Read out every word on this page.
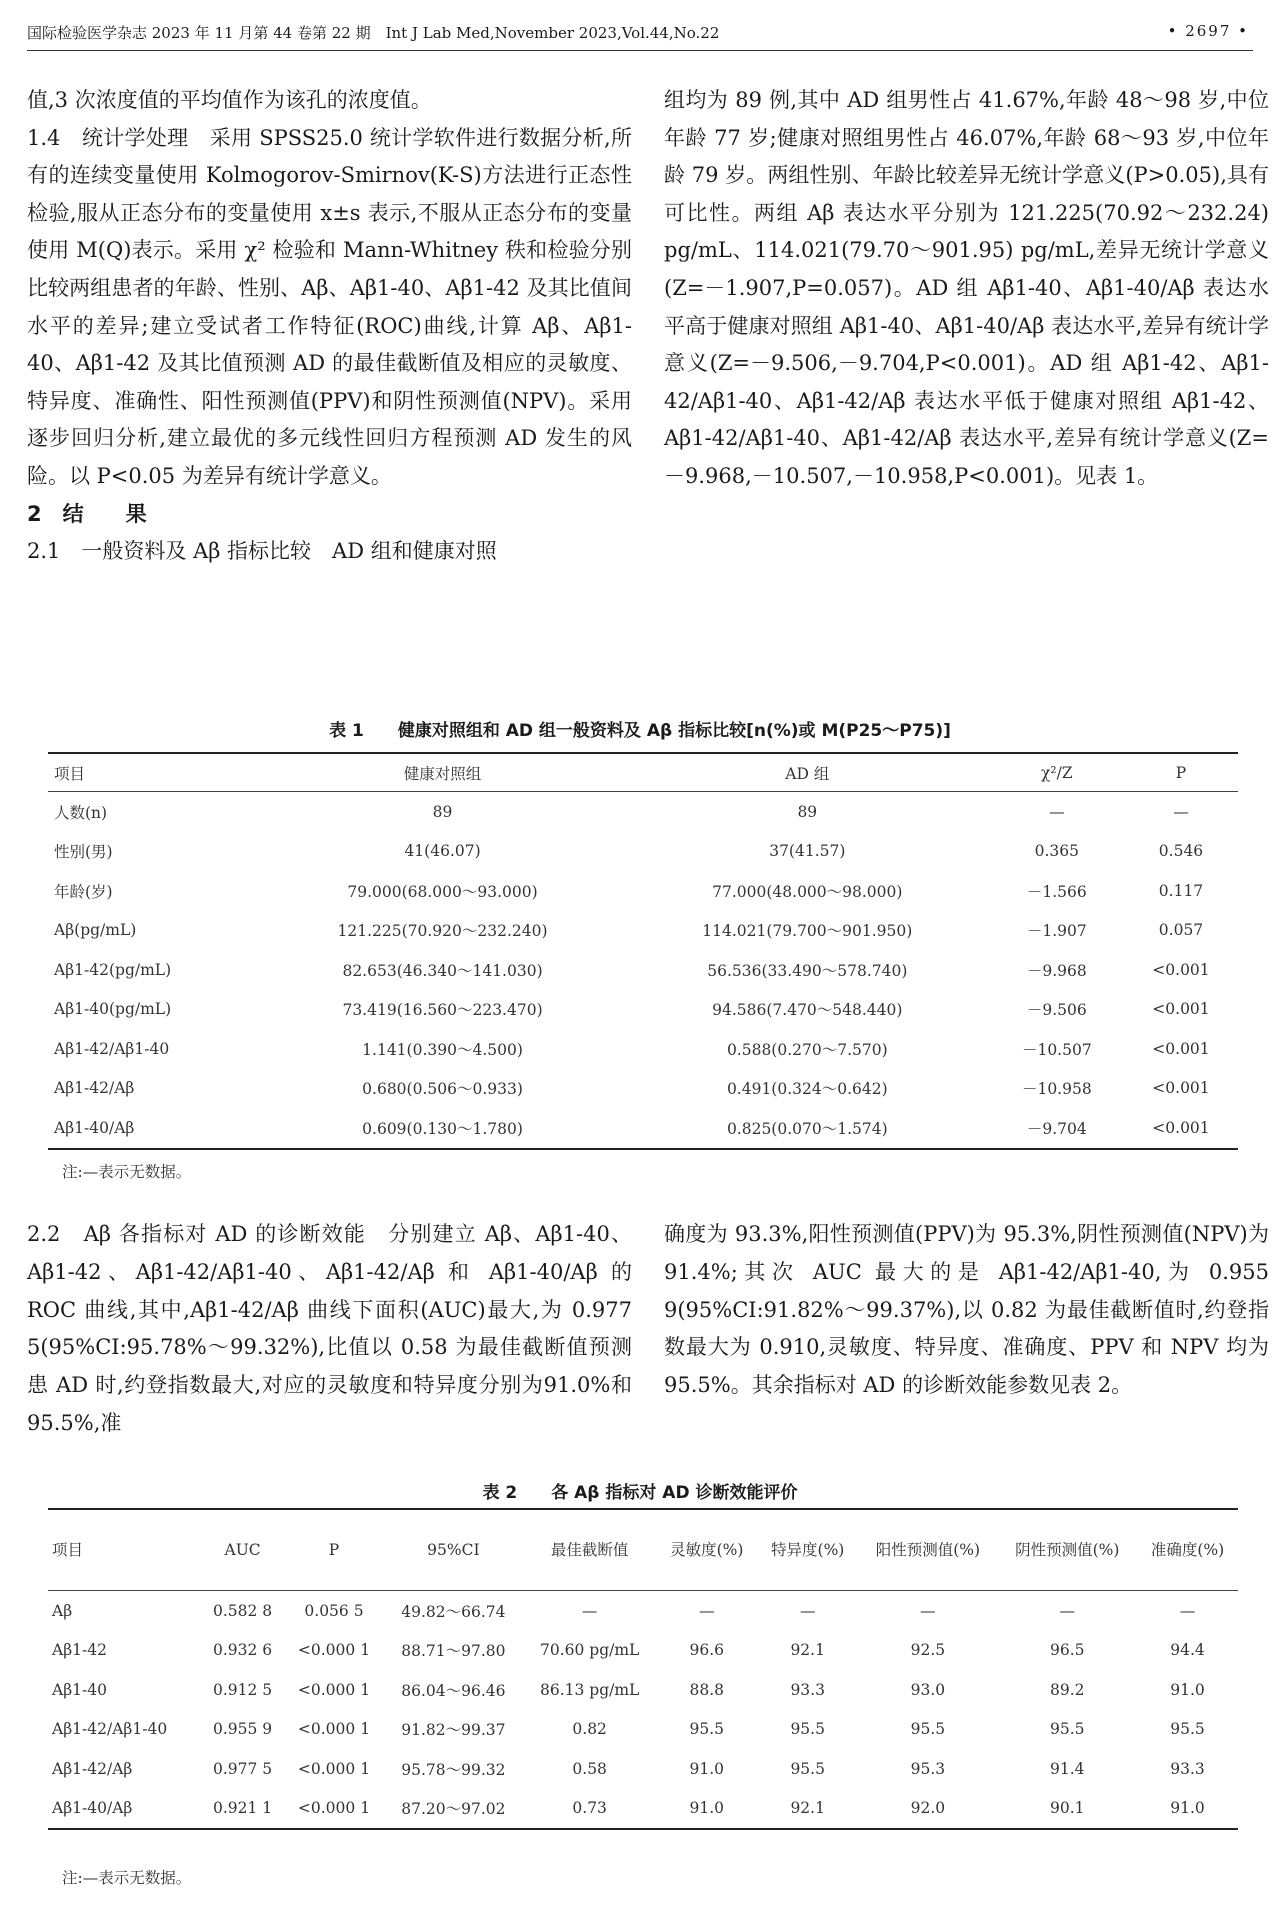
国际检验医学杂志 2023 年 11 月第 44 卷第 22 期　Int J Lab Med,November 2023,Vol.44,No.22	• 2697 •

值,3 次浓度值的平均值作为该孔的浓度值。

1.4　统计学处理　采用 SPSS25.0 统计学软件进行数据分析,所有的连续变量使用 Kolmogorov-Smirnov(K-S)方法进行正态性检验,服从正态分布的变量使用 x±s 表示,不服从正态分布的变量使用 M(Q)表示。采用 χ² 检验和 Mann-Whitney 秩和检验分别比较两组患者的年龄、性别、Aβ、Aβ1-40、Aβ1-42 及其比值间水平的差异;建立受试者工作特征(ROC)曲线,计算 Aβ、Aβ1-40、Aβ1-42 及其比值预测 AD 的最佳截断值及相应的灵敏度、特异度、准确性、阳性预测值(PPV)和阴性预测值(NPV)。采用逐步回归分析,建立最优的多元线性回归方程预测 AD 发生的风险。以 P<0.05 为差异有统计学意义。

2　结　　果

2.1　一般资料及 Aβ 指标比较　AD 组和健康对照

组均为 89 例,其中 AD 组男性占 41.67%,年龄 48～98 岁,中位年龄 77 岁;健康对照组男性占 46.07%,年龄 68～93 岁,中位年龄 79 岁。两组性别、年龄比较差异无统计学意义(P>0.05),具有可比性。两组 Aβ 表达水平分别为 121.225(70.92～232.24) pg/mL、114.021(79.70～901.95) pg/mL,差异无统计学意义(Z=－1.907,P=0.057)。AD 组 Aβ1-40、Aβ1-40/Aβ 表达水平高于健康对照组 Aβ1-40、Aβ1-40/Aβ 表达水平,差异有统计学意义(Z=－9.506,－9.704,P<0.001)。AD 组 Aβ1-42、Aβ1-42/Aβ1-40、Aβ1-42/Aβ 表达水平低于健康对照组 Aβ1-42、Aβ1-42/Aβ1-40、Aβ1-42/Aβ 表达水平,差异有统计学意义(Z=－9.968,－10.507,－10.958,P<0.001)。见表 1。

表 1　　健康对照组和 AD 组一般资料及 Aβ 指标比较[n(%)或 M(P25～P75)]
项目	健康对照组	AD 组	χ²/Z	P
人数(n)	89	89	—	—
性别(男)	41(46.07)	37(41.57)	0.365	0.546
年龄(岁)	79.000(68.000～93.000)	77.000(48.000～98.000)	－1.566	0.117
Aβ(pg/mL)	121.225(70.920～232.240)	114.021(79.700～901.950)	－1.907	0.057
Aβ1-42(pg/mL)	82.653(46.340～141.030)	56.536(33.490～578.740)	－9.968	<0.001
Aβ1-40(pg/mL)	73.419(16.560～223.470)	94.586(7.470～548.440)	－9.506	<0.001
Aβ1-42/Aβ1-40	1.141(0.390～4.500)	0.588(0.270～7.570)	－10.507	<0.001
Aβ1-42/Aβ	0.680(0.506～0.933)	0.491(0.324～0.642)	－10.958	<0.001
Aβ1-40/Aβ	0.609(0.130～1.780)	0.825(0.070～1.574)	－9.704	<0.001
注:—表示无数据。
2.2　Aβ 各指标对 AD 的诊断效能　分别建立 Aβ、Aβ1-40、Aβ1-42、Aβ1-42/Aβ1-40、Aβ1-42/Aβ 和 Aβ1-40/Aβ 的 ROC 曲线,其中,Aβ1-42/Aβ 曲线下面积(AUC)最大,为 0.977 5(95%CI:95.78%～99.32%),比值以 0.58 为最佳截断值预测患 AD 时,约登指数最大,对应的灵敏度和特异度分别为91.0%和 95.5%,准
确度为 93.3%,阳性预测值(PPV)为 95.3%,阴性预测值(NPV)为 91.4%;其次 AUC 最大的是 Aβ1-42/Aβ1-40,为 0.955 9(95%CI:91.82%～99.37%),以 0.82 为最佳截断值时,约登指数最大为 0.910,灵敏度、特异度、准确度、PPV 和 NPV 均为 95.5%。其余指标对 AD 的诊断效能参数见表 2。
表 2　　各 Aβ 指标对 AD 诊断效能评价
项目	AUC	P	95%CI	最佳截断值	灵敏度(%)	特异度(%)	阳性预测值(%)	阴性预测值(%)	准确度(%)
Aβ	0.582 8	0.056 5	49.82～66.74	—	—	—	—	—	—
Aβ1-42	0.932 6	<0.000 1	88.71～97.80	70.60 pg/mL	96.6	92.1	92.5	96.5	94.4
Aβ1-40	0.912 5	<0.000 1	86.04～96.46	86.13 pg/mL	88.8	93.3	93.0	89.2	91.0
Aβ1-42/Aβ1-40	0.955 9	<0.000 1	91.82～99.37	0.82	95.5	95.5	95.5	95.5	95.5
Aβ1-42/Aβ	0.977 5	<0.000 1	95.78～99.32	0.58	91.0	95.5	95.3	91.4	93.3
Aβ1-40/Aβ	0.921 1	<0.000 1	87.20～97.02	0.73	91.0	92.1	92.0	90.1	91.0
注:—表示无数据。
